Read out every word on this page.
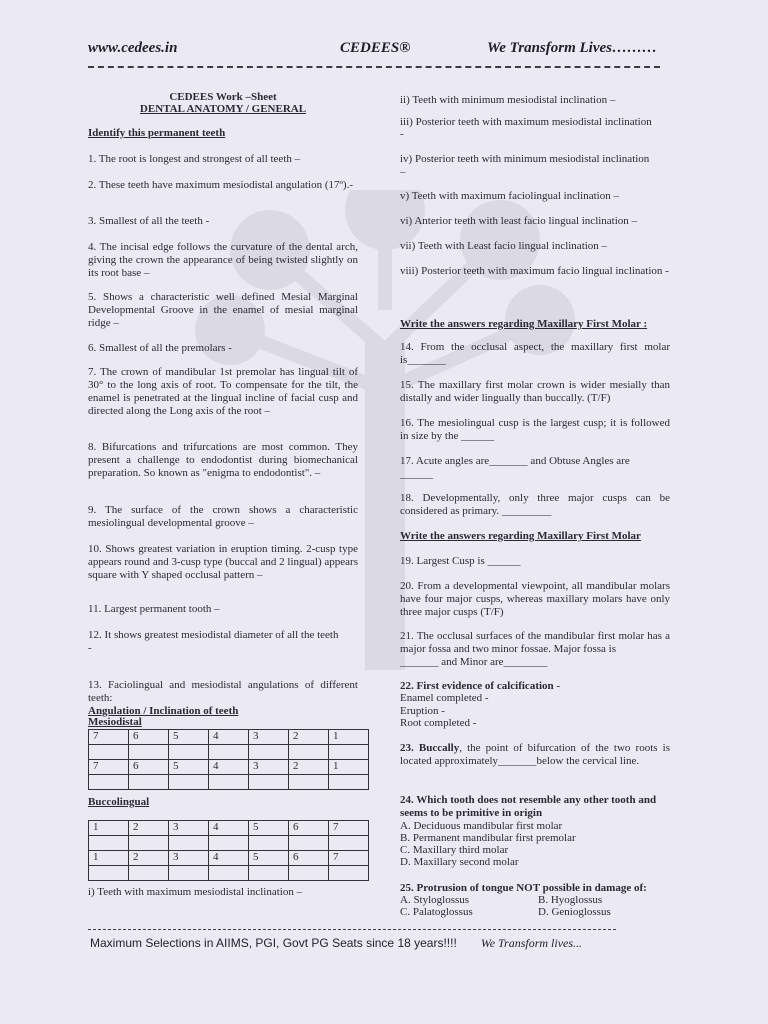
www.cedees.in	CEDEES®	We Transform Lives………
CEDEES Work –Sheet
DENTAL ANATOMY / GENERAL
Identify this permanent teeth
1. The root is longest and strongest of all teeth –
2. These teeth have maximum mesiodistal angulation (17º).-
3. Smallest of all the teeth -
4. The incisal edge follows the curvature of the dental arch, giving the crown the appearance of being twisted slightly on its root base –
5. Shows a characteristic well defined Mesial Marginal Developmental Groove in the enamel of mesial marginal ridge –
6. Smallest of all the premolars -
7. The crown of mandibular 1st premolar has lingual tilt of 30° to the long axis of root. To compensate for the tilt, the enamel is penetrated at the lingual incline of facial cusp and directed along the Long axis of the root –
8. Bifurcations and trifurcations are most common. They present a challenge to endodontist during biomechanical preparation. So known as "enigma to endodontist". –
9. The surface of the crown shows a characteristic mesiolingual developmental groove –
10. Shows greatest variation in eruption timing. 2-cusp type appears round and 3-cusp type (buccal and 2 lingual) appears square with Y shaped occlusal pattern –
11. Largest permanent tooth –
12. It shows greatest mesiodistal diameter of all the teeth
-
13. Faciolingual and mesiodistal angulations of different teeth:
Angulation / Inclination of teeth
Mesiodistal
7	6	5	4	3	2	1

7	6	5	4	3	2	1

Buccolingual
1	2	3	4	5	6	7

1	2	3	4	5	6	7

i) Teeth with maximum mesiodistal inclination –
ii) Teeth with minimum mesiodistal inclination –
iii) Posterior teeth with maximum mesiodistal inclination
-
iv) Posterior teeth with minimum mesiodistal inclination
–
v) Teeth with maximum faciolingual inclination –
vi) Anterior teeth with least facio lingual inclination –
vii) Teeth with Least facio lingual inclination –
viii) Posterior teeth with maximum facio lingual inclination -
Write the answers regarding Maxillary First Molar :
14. From the occlusal aspect, the maxillary first molar is_______
15. The maxillary first molar crown is wider mesially than distally and wider lingually than buccally. (T/F)
16. The mesiolingual cusp is the largest cusp; it is followed in size by the ______
17. Acute angles are_______ and Obtuse Angles are
______
18. Developmentally, only three major cusps can be considered as primary. _________
Write the answers regarding Maxillary First Molar
19. Largest Cusp is ______
20. From a developmental viewpoint, all mandibular molars have four major cusps, whereas maxillary molars have only three major cusps (T/F)
21. The occlusal surfaces of the mandibular first molar has a major fossa and two minor fossae. Major fossa is
_______ and Minor are________
22. First evidence of calcification -
Enamel completed -
Eruption -
Root completed -
23. Buccally, the point of bifurcation of the two roots is located approximately_______below the cervical line.
24. Which tooth does not resemble any other tooth and seems to be primitive in origin
A. Deciduous mandibular first molar
B. Permanent mandibular first premolar
C. Maxillary third molar
D. Maxillary second molar
25. Protrusion of tongue NOT possible in damage of:
A. Styloglossus	B. Hyoglossus
C. Palatoglossus	D. Genioglossus
Maximum Selections in AIIMS, PGI, Govt PG Seats since 18 years!!!! We Transform lives...
